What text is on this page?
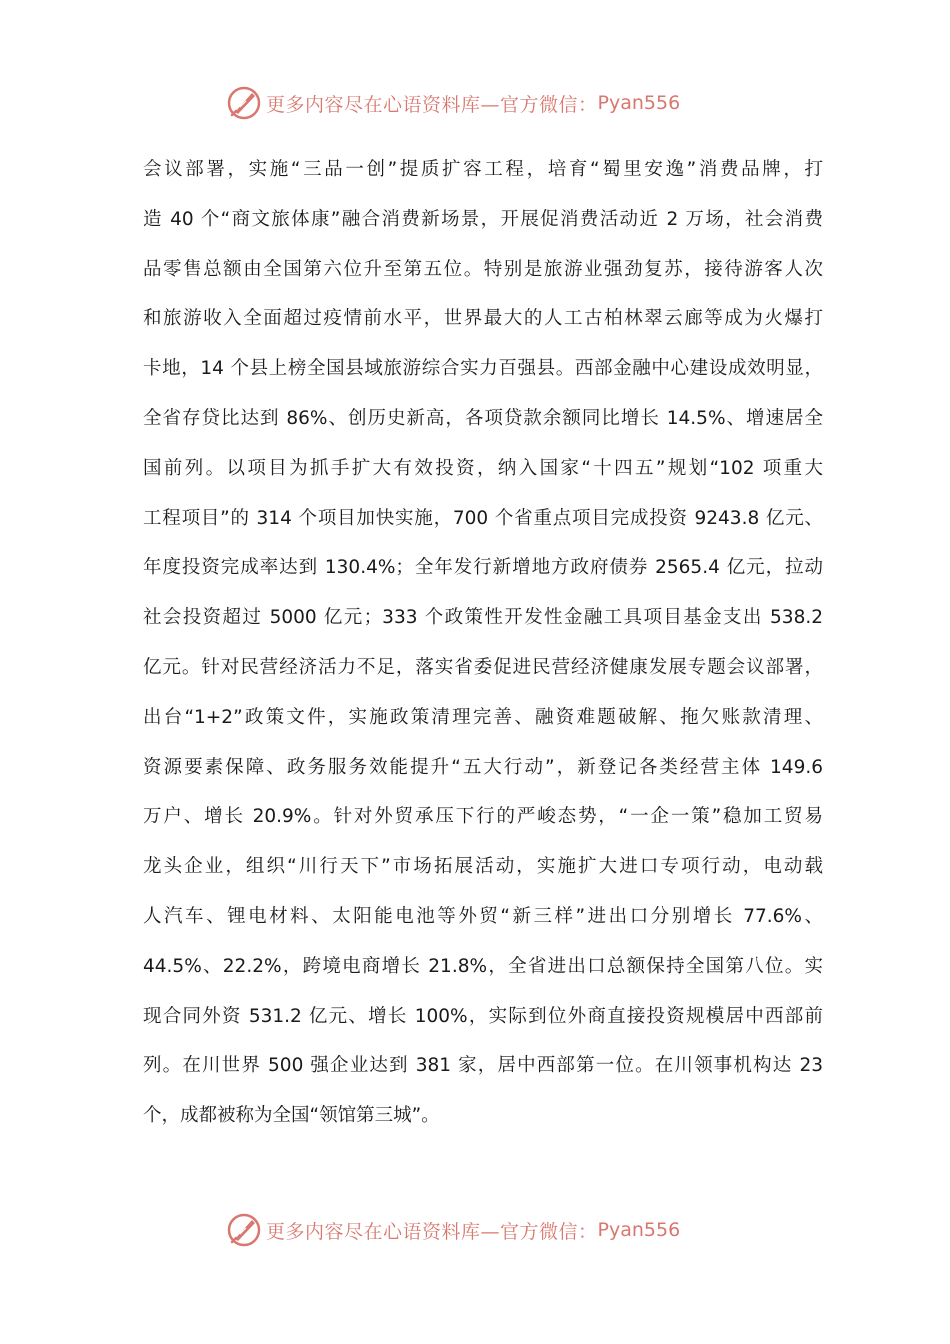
更多内容尽在心语资料库—官方微信： Pyan556
会议部署，实施“三品一创”提质扩容工程，培育“蜀里安逸”消费品牌，打
造 40 个“商文旅体康”融合消费新场景，开展促消费活动近 2 万场，社会消费
品零售总额由全国第六位升至第五位。特别是旅游业强劲复苏，接待游客人次
和旅游收入全面超过疫情前水平，世界最大的人工古柏林翠云廊等成为火爆打
卡地，14 个县上榜全国县域旅游综合实力百强县。西部金融中心建设成效明显，
全省存贷比达到 86%、创历史新高，各项贷款余额同比增长 14.5%、增速居全
国前列。以项目为抓手扩大有效投资，纳入国家“十四五”规划“102 项重大
工程项目”的 314 个项目加快实施，700 个省重点项目完成投资 9243.8 亿元、
年度投资完成率达到 130.4%；全年发行新增地方政府债券 2565.4 亿元，拉动
社会投资超过 5000 亿元；333 个政策性开发性金融工具项目基金支出 538.2
亿元。针对民营经济活力不足，落实省委促进民营经济健康发展专题会议部署，
出台“1+2”政策文件，实施政策清理完善、融资难题破解、拖欠账款清理、
资源要素保障、政务服务效能提升“五大行动”，新登记各类经营主体 149.6
万户、增长 20.9%。针对外贸承压下行的严峻态势，“一企一策”稳加工贸易
龙头企业，组织“川行天下”市场拓展活动，实施扩大进口专项行动，电动载
人汽车、锂电材料、太阳能电池等外贸“新三样”进出口分别增长 77.6%、
44.5%、22.2%，跨境电商增长 21.8%，全省进出口总额保持全国第八位。实
现合同外资 531.2 亿元、增长 100%，实际到位外商直接投资规模居中西部前
列。在川世界 500 强企业达到 381 家，居中西部第一位。在川领事机构达 23
个，成都被称为全国“领馆第三城”。
更多内容尽在心语资料库—官方微信： Pyan556
